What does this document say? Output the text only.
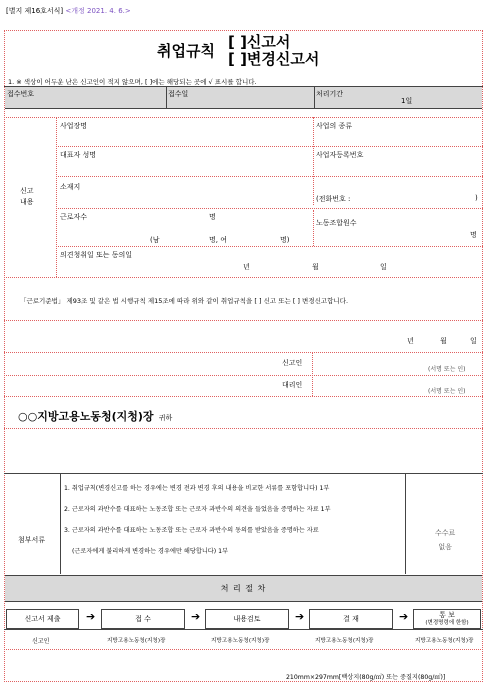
[별지 제16호서식] <개정 2021. 4. 6.>
취업규칙 [ ]신고서
[ ]변경신고서
1. ※ 색상이 어두운 난은 신고인이 적지 않으며, [ ]에는 해당되는 곳에 √ 표시를 합니다.
접수번호	접수일	처리기간
1일
신고
내용
사업장명	사업의 종류
대표자 성명	사업자등록번호
소재지
(전화번호 :	)
근로자수	명
(남	명, 여	명)
노동조합원수
명
의견청취일 또는 동의일
년	월	일
「근로기준법」 제93조 및 같은 법 시행규칙 제15조에 따라 위와 같이 취업규칙을 [ ] 신고 또는 [ ] 변경신고합니다.
년	월	일
신고인
(서명 또는 인)
대리인
(서명 또는 인)
○○지방고용노동청(지청)장 귀하
첨부서류
1. 취업규칙(변경신고를 하는 경우에는 변경 전과 변경 후의 내용을 비교한 서류를 포함합니다) 1부
2. 근로자의 과반수를 대표하는 노동조합 또는 근로자 과반수의 의견을 들었음을 증명하는 자료 1부
3. 근로자의 과반수를 대표하는 노동조합 또는 근로자 과반수의 동의를 받았음을 증명하는 자료
(근로자에게 불리하게 변경하는 경우에만 해당합니다) 1부
수수료
없음
처 리 절 차
신고서 제출	➔	접 수	➔	내용검토	➔	결 재	➔	통 보
(변경명령에 한함)
신고인	지방고용노동청(지청)장	지방고용노동청(지청)장	지방고용노동청(지청)장	지방고용노동청(지청)장
210mm×297mm[백상지(80g/㎡) 또는 중질지(80g/㎡)]
